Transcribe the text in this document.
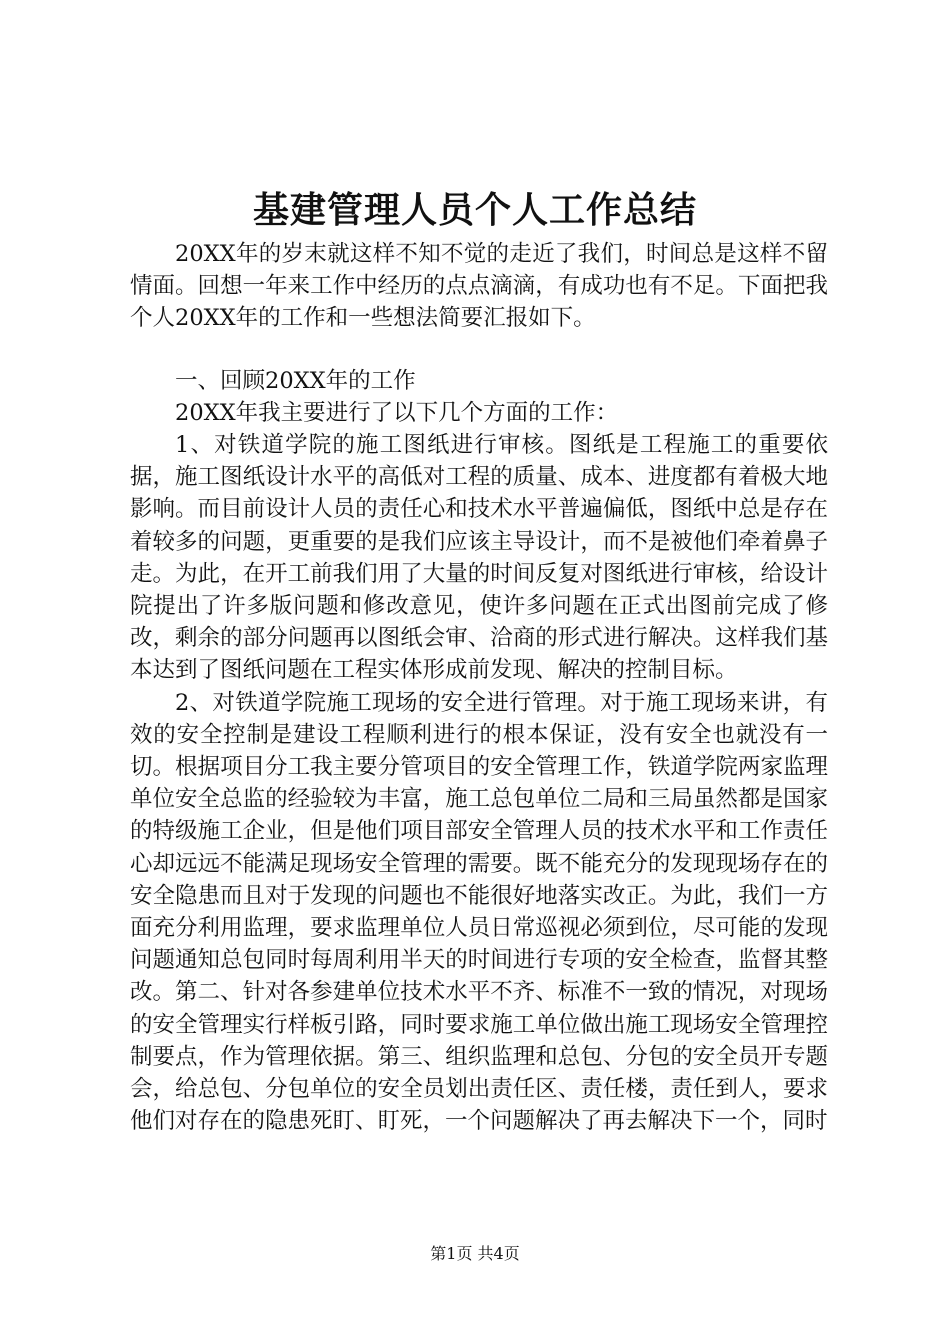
基建管理人员个人工作总结

20XX年的岁末就这样不知不觉的走近了我们，时间总是这样不留情面。回想一年来工作中经历的点点滴滴，有成功也有不足。下面把我个人20XX年的工作和一些想法简要汇报如下。

一、回顾20XX年的工作

20XX年我主要进行了以下几个方面的工作：

1、对铁道学院的施工图纸进行审核。图纸是工程施工的重要依据，施工图纸设计水平的高低对工程的质量、成本、进度都有着极大地影响。而目前设计人员的责任心和技术水平普遍偏低，图纸中总是存在着较多的问题，更重要的是我们应该主导设计，而不是被他们牵着鼻子走。为此，在开工前我们用了大量的时间反复对图纸进行审核，给设计院提出了许多版问题和修改意见，使许多问题在正式出图前完成了修改，剩余的部分问题再以图纸会审、洽商的形式进行解决。这样我们基本达到了图纸问题在工程实体形成前发现、解决的控制目标。

2、对铁道学院施工现场的安全进行管理。对于施工现场来讲，有效的安全控制是建设工程顺利进行的根本保证，没有安全也就没有一切。根据项目分工我主要分管项目的安全管理工作，铁道学院两家监理单位安全总监的经验较为丰富，施工总包单位二局和三局虽然都是国家的特级施工企业，但是他们项目部安全管理人员的技术水平和工作责任心却远远不能满足现场安全管理的需要。既不能充分的发现现场存在的安全隐患而且对于发现的问题也不能很好地落实改正。为此，我们一方面充分利用监理，要求监理单位人员日常巡视必须到位，尽可能的发现问题通知总包同时每周利用半天的时间进行专项的安全检查，监督其整改。第二、针对各参建单位技术水平不齐、标准不一致的情况，对现场的安全管理实行样板引路，同时要求施工单位做出施工现场安全管理控制要点，作为管理依据。第三、组织监理和总包、分包的安全员开专题会，给总包、分包单位的安全员划出责任区、责任楼，责任到人，要求他们对存在的隐患死盯、盯死，一个问题解决了再去解决下一个，同时

第1页 共4页
